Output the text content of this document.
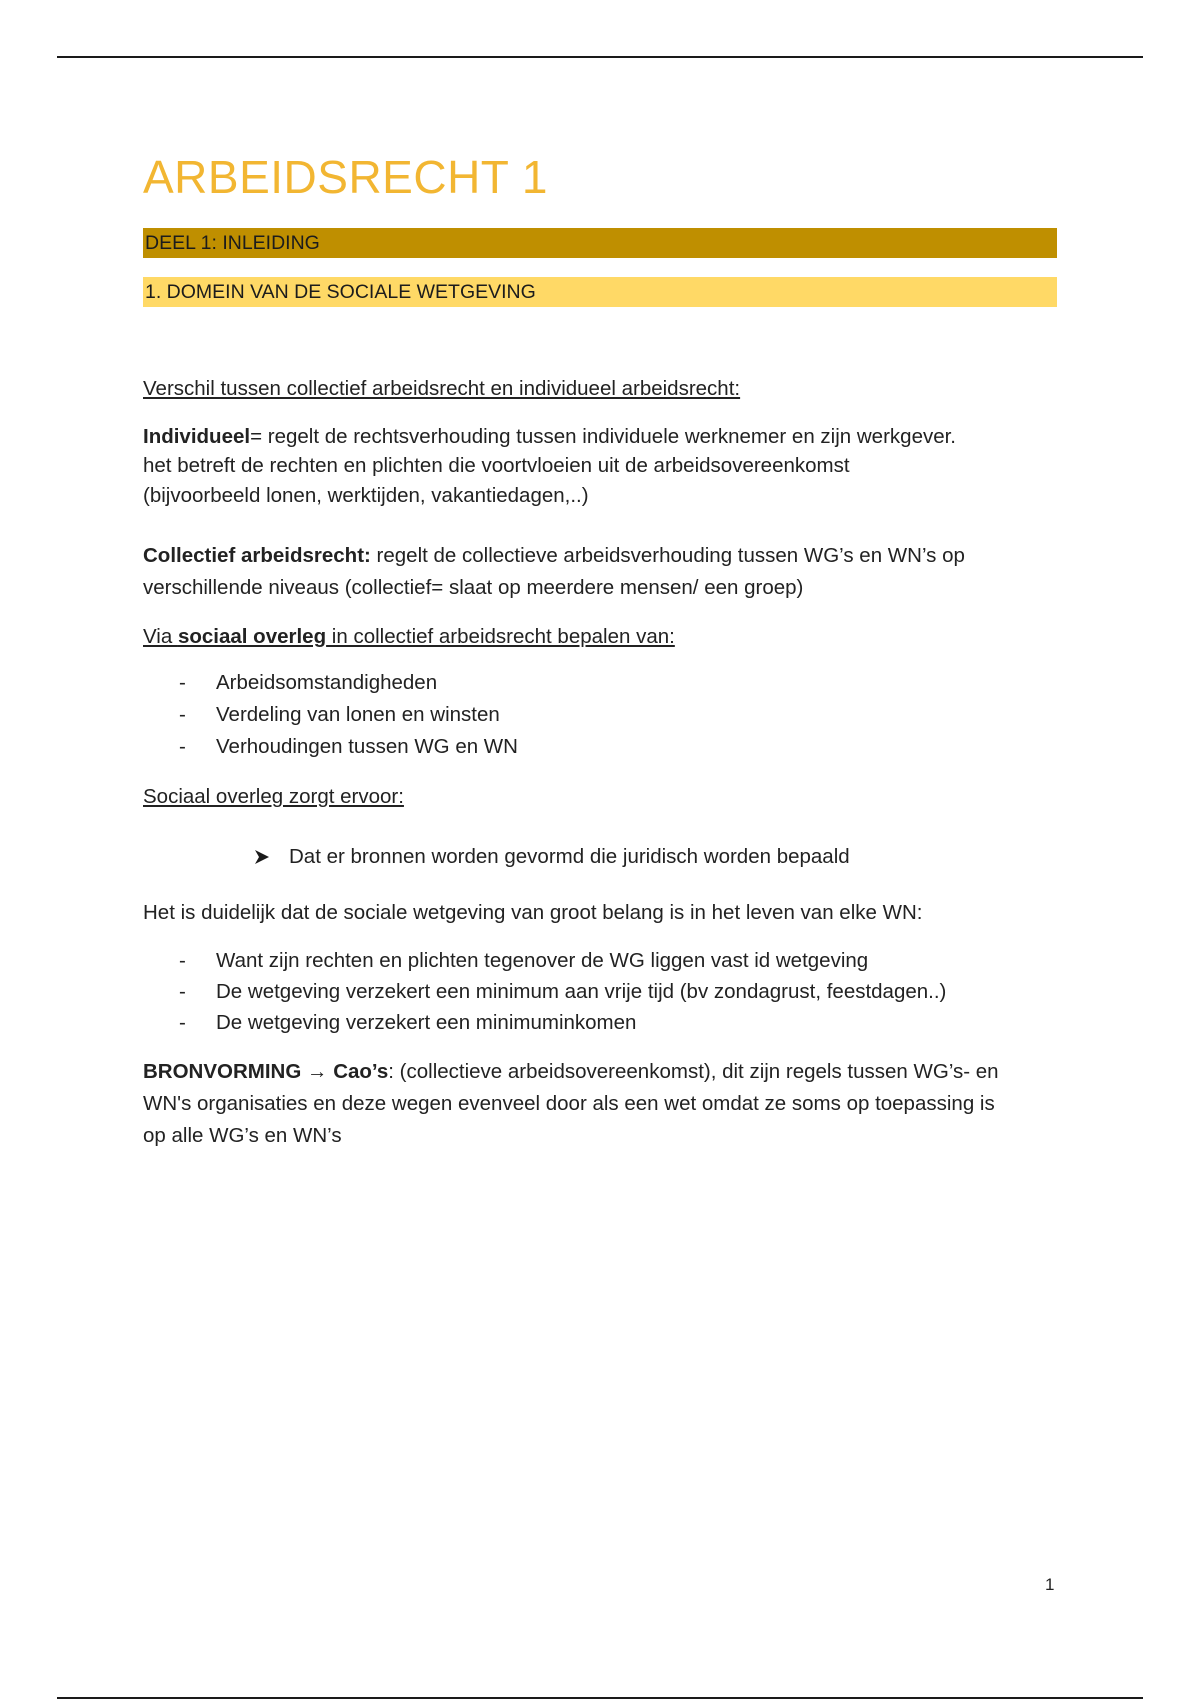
ARBEIDSRECHT 1
DEEL 1: INLEIDING
1. DOMEIN VAN DE SOCIALE WETGEVING

Verschil tussen collectief arbeidsrecht en individueel arbeidsrecht:

Individueel= regelt de rechtsverhouding tussen individuele werknemer en zijn werkgever.

het betreft de rechten en plichten die voortvloeien uit de arbeidsovereenkomst

(bijvoorbeeld lonen, werktijden, vakantiedagen,..)

Collectief arbeidsrecht: regelt de collectieve arbeidsverhouding tussen WG’s en WN’s op

verschillende niveaus (collectief= slaat op meerdere mensen/ een groep)

Via sociaal overleg in collectief arbeidsrecht bepalen van:

- Arbeidsomstandigheden
- Verdeling van lonen en winsten
- Verhoudingen tussen WG en WN

Sociaal overleg zorgt ervoor:

Dat er bronnen worden gevormd die juridisch worden bepaald

Het is duidelijk dat de sociale wetgeving van groot belang is in het leven van elke WN:

- Want zijn rechten en plichten tegenover de WG liggen vast id wetgeving
- De wetgeving verzekert een minimum aan vrije tijd (bv zondagrust, feestdagen..)
- De wetgeving verzekert een minimuminkomen

BRONVORMING → Cao’s: (collectieve arbeidsovereenkomst), dit zijn regels tussen WG’s- en

WN's organisaties en deze wegen evenveel door als een wet omdat ze soms op toepassing is

op alle WG’s en WN’s

1
